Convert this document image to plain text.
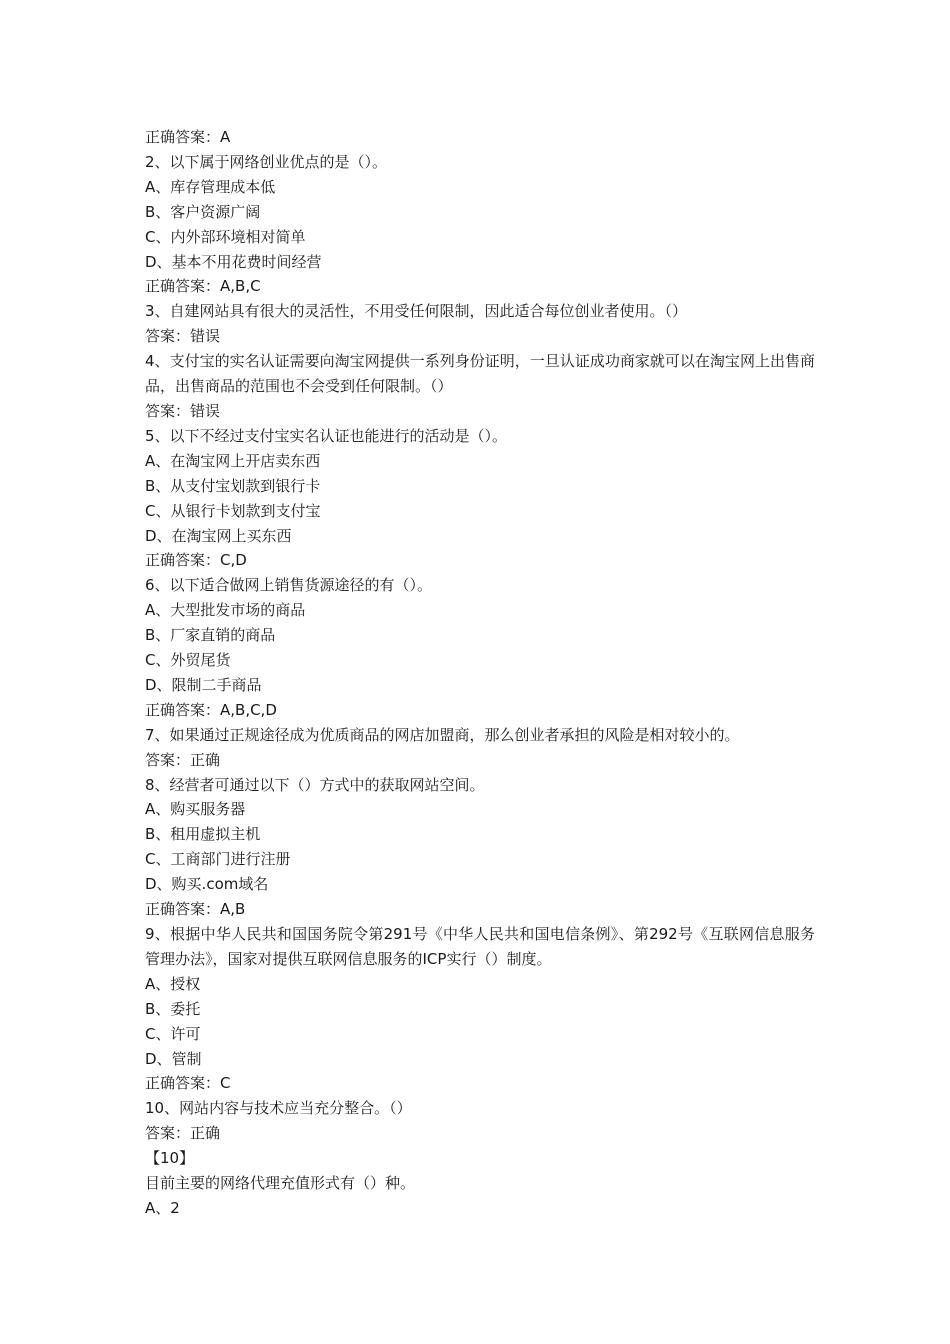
正确答案：A
2、以下属于网络创业优点的是（）。
A、库存管理成本低
B、客户资源广阔
C、内外部环境相对简单
D、基本不用花费时间经营
正确答案：A,B,C
3、自建网站具有很大的灵活性，不用受任何限制，因此适合每位创业者使用。（）
答案：错误
4、支付宝的实名认证需要向淘宝网提供一系列身份证明，一旦认证成功商家就可以在淘宝网上出售商品，出售商品的范围也不会受到任何限制。（）
答案：错误
5、以下不经过支付宝实名认证也能进行的活动是（）。
A、在淘宝网上开店卖东西
B、从支付宝划款到银行卡
C、从银行卡划款到支付宝
D、在淘宝网上买东西
正确答案：C,D
6、以下适合做网上销售货源途径的有（）。
A、大型批发市场的商品
B、厂家直销的商品
C、外贸尾货
D、限制二手商品
正确答案：A,B,C,D
7、如果通过正规途径成为优质商品的网店加盟商，那么创业者承担的风险是相对较小的。
答案：正确
8、经营者可通过以下（）方式中的获取网站空间。
A、购买服务器
B、租用虚拟主机
C、工商部门进行注册
D、购买.com域名
正确答案：A,B
9、根据中华人民共和国国务院令第291号《中华人民共和国电信条例》、第292号《互联网信息服务管理办法》，国家对提供互联网信息服务的ICP实行（）制度。
A、授权
B、委托
C、许可
D、管制
正确答案：C
10、网站内容与技术应当充分整合。（）
答案：正确
【10】
目前主要的网络代理充值形式有（）种。
A、2
